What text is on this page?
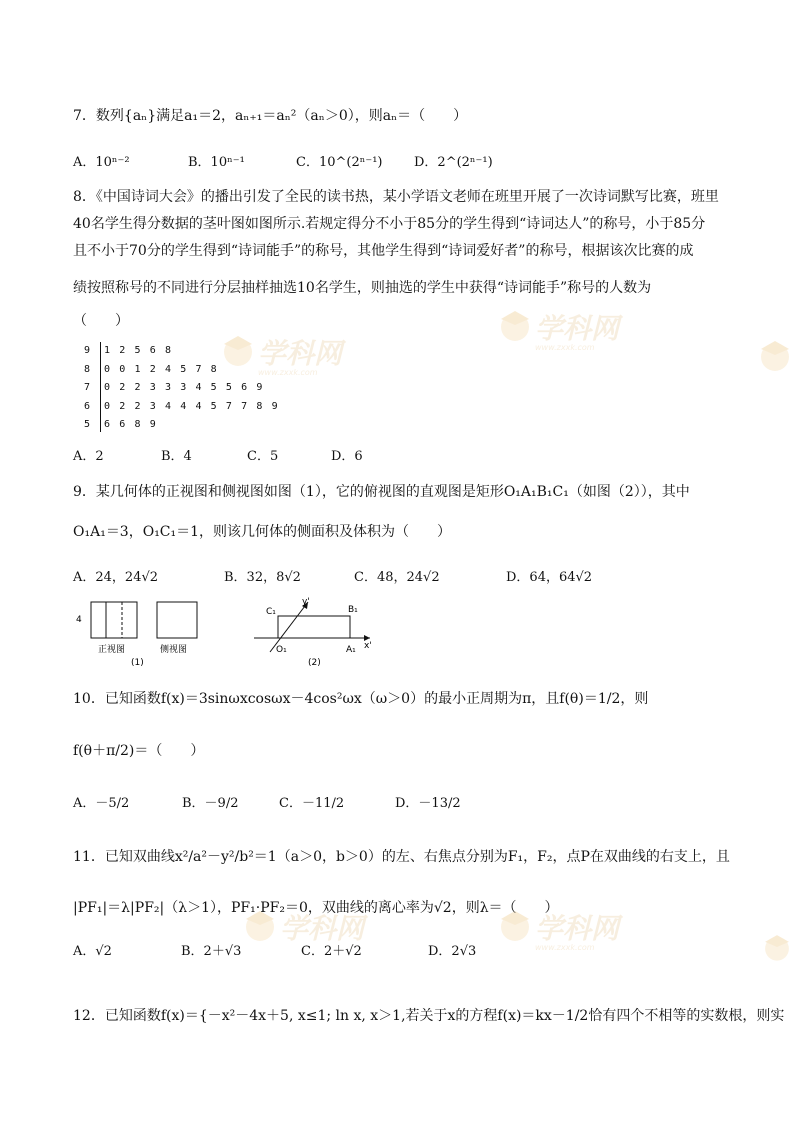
学科网
www.zxxk.com
学科网
www.zxxk.com
学科网
www.zxxk.com
学科网
7．数列{aₙ}满足a₁＝2，aₙ₊₁＝aₙ²（aₙ＞0），则aₙ＝（　　）
A．10ⁿ⁻²	B．10ⁿ⁻¹	C．10^(2ⁿ⁻¹) D．2^(2ⁿ⁻¹)
8．《中国诗词大会》的播出引发了全民的读书热，某小学语文老师在班里开展了一次诗词默写比赛，班里
40名学生得分数据的茎叶图如图所示.若规定得分不小于85分的学生得到“诗词达人”的称号，小于85分
且不小于70分的学生得到“诗词能手”的称号，其他学生得到“诗词爱好者”的称号，根据该次比赛的成
绩按照称号的不同进行分层抽样抽选10名学生，则抽选的学生中获得“诗词能手”称号的人数为
（　　）
9 1 2 5 6 8
8 0 0 1 2 4 5 7 8
7 0 2 2 3 3 3 4 5 5 6 9
6 0 2 2 3 4 4 4 5 7 7 8 9
5 6 6 8 9
A．2	B．4	C．5	D．6
9．某几何体的正视图和侧视图如图（1），它的俯视图的直观图是矩形O₁A₁B₁C₁（如图（2）），其中
O₁A₁＝3，O₁C₁＝1，则该几何体的侧面积及体积为（　　）
A．24，24√2	B．32，8√2	C．48，24√2	D．64，64√2
4
正视图	侧视图
(1)
C₁	B₁
O₁	A₁
y'
x'
(2)
10．已知函数f(x)＝3sinωxcosωx－4cos²ωx（ω＞0）的最小正周期为π，且f(θ)＝1/2，则
f(θ＋π/2)＝（　　）
A．－5/2	B．－9/2	C．－11/2	D．－13/2
11．已知双曲线x²/a²－y²/b²＝1（a＞0，b＞0）的左、右焦点分别为F₁，F₂，点P在双曲线的右支上，且
|PF₁|＝λ|PF₂|（λ＞1），PF₁·PF₂＝0，双曲线的离心率为√2，则λ＝（　　）
A．√2	B．2＋√3	C．2＋√2	D．2√3
12．已知函数f(x)＝{－x²－4x＋5, x≤1; ln x, x＞1,若关于x的方程f(x)＝kx－1/2恰有四个不相等的实数根，则实
